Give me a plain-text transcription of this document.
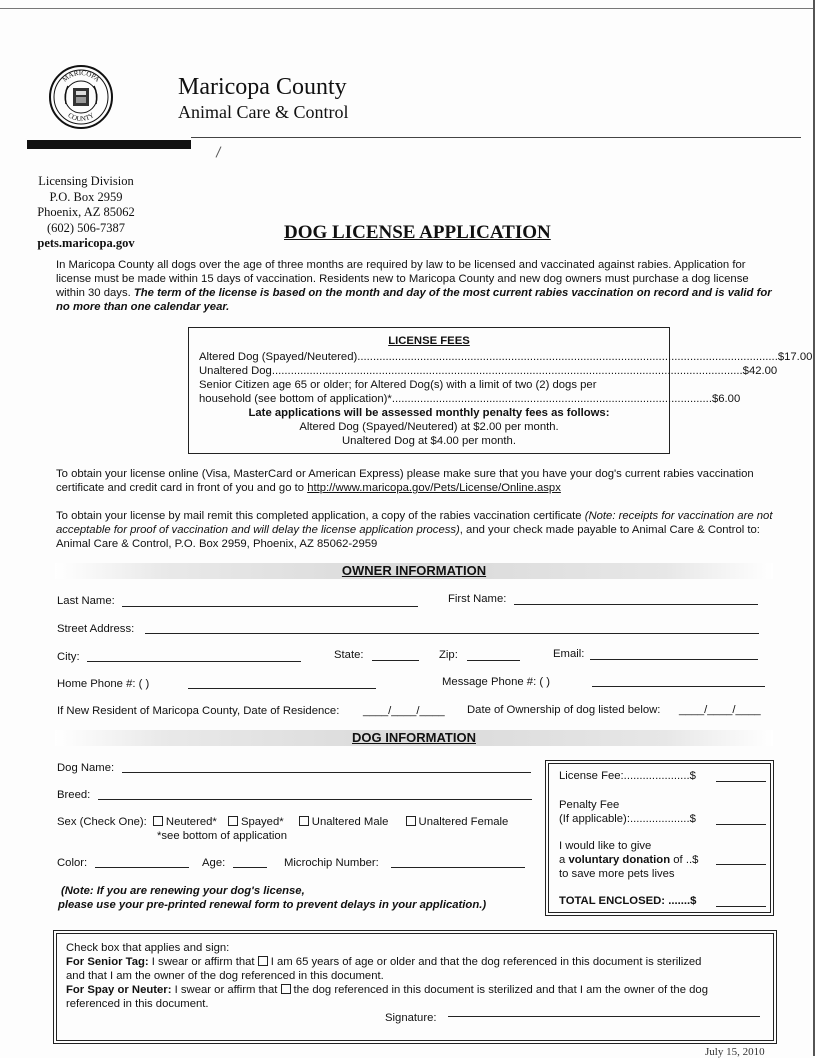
MARICOPA
COUNTY
Maricopa County
Animal Care & Control
Licensing Division
P.O. Box 2959
Phoenix, AZ 85062
(602) 506-7387
pets.maricopa.gov	DOG LICENSE APPLICATION
In Maricopa County all dogs over the age of three months are required by law to be licensed and vaccinated against rabies. Application for license must be made within 15 days of vaccination. Residents new to Maricopa County and new dog owners must purchase a dog license within 30 days. The term of the license is based on the month and day of the most current rabies vaccination on record and is valid for no more than one calendar year.
LICENSE FEES
Altered Dog (Spayed/Neutered) ...................................................................................................................................... $17.00
Unaltered Dog ...................................................................................................................................................... $42.00
Senior Citizen age 65 or older; for Altered Dog(s) with a limit of two (2) dogs per
household (see bottom of application)* ...................................................................................................... $6.00
Late applications will be assessed monthly penalty fees as follows:
Altered Dog (Spayed/Neutered) at $2.00 per month.
Unaltered Dog at $4.00 per month.
To obtain your license online (Visa, MasterCard or American Express) please make sure that you have your dog's current rabies vaccination certificate and credit card in front of you and go to http://www.maricopa.gov/Pets/License/Online.aspx
To obtain your license by mail remit this completed application, a copy of the rabies vaccination certificate (Note: receipts for vaccination are not acceptable for proof of vaccination and will delay the license application process), and your check made payable to Animal Care & Control to: Animal Care & Control, P.O. Box 2959, Phoenix, AZ 85062-2959
OWNER INFORMATION
Last Name:	First Name:
Street Address:
City:	State:	Zip:	Email:
Home Phone #: ( )	Message Phone #: ( )
If New Resident of Maricopa County, Date of Residence: ____/____/____ Date of Ownership of dog listed below: ____/____/____
DOG INFORMATION
Dog Name:
Breed:
Sex (Check One): Neutered* Spayed* Unaltered Male	Unaltered Female
*see bottom of application
Color:	Age:	Microchip Number:
(Note: If you are renewing your dog's license,
please use your pre-printed renewal form to prevent delays in your application.)
License Fee:.....................$
Penalty Fee
(If applicable):...................$
I would like to give
a voluntary donation of ..$
to save more pets lives
TOTAL ENCLOSED: .......$
Check box that applies and sign:
For Senior Tag: I swear or affirm that I am 65 years of age or older and that the dog referenced in this document is sterilized
and that I am the owner of the dog referenced in this document.
For Spay or Neuter: I swear or affirm that the dog referenced in this document is sterilized and that I am the owner of the dog
referenced in this document.
Signature:
July 15, 2010
